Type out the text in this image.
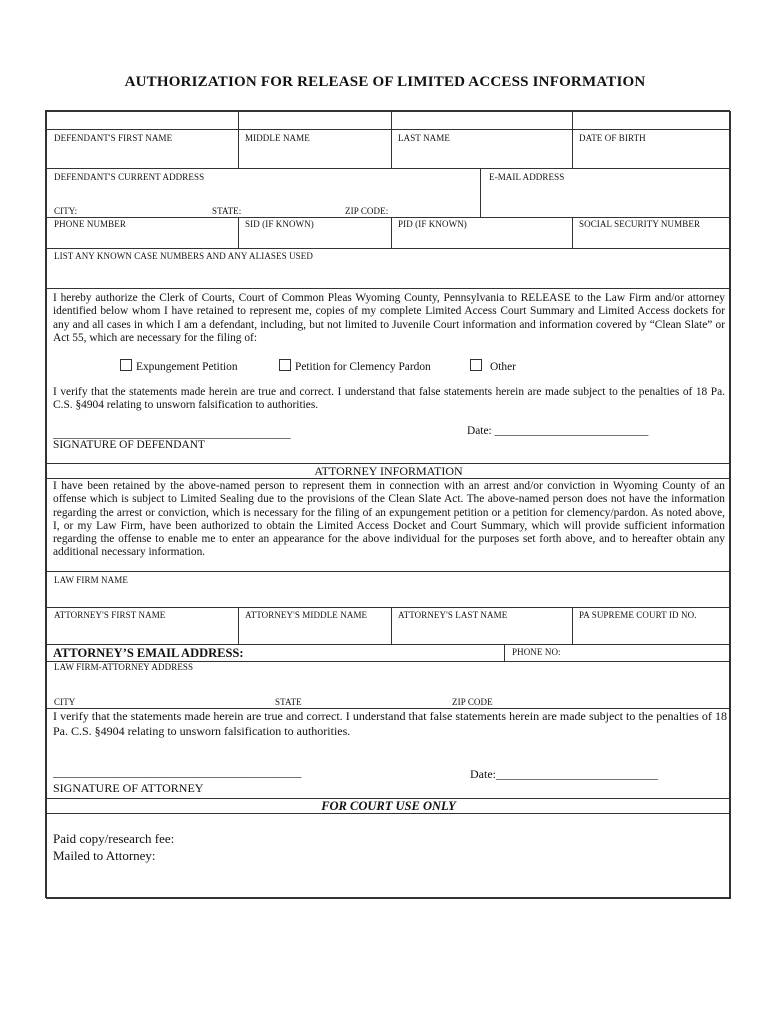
AUTHORIZATION FOR RELEASE OF LIMITED ACCESS INFORMATION
DEFENDANT'S FIRST NAME	MIDDLE NAME	LAST NAME	DATE OF BIRTH
DEFENDANT'S CURRENT ADDRESS
CITY:	STATE:	ZIP CODE:
E-MAIL ADDRESS
PHONE NUMBER	SID (IF KNOWN)	PID (IF KNOWN)	SOCIAL SECURITY NUMBER
LIST ANY KNOWN CASE NUMBERS AND ANY ALIASES USED
I hereby authorize the Clerk of Courts, Court of Common Pleas Wyoming County, Pennsylvania to RELEASE to the Law Firm and/or attorney identified below whom I have retained to represent me, copies of my complete Limited Access Court Summary and Limited Access dockets for any and all cases in which I am a defendant, including, but not limited to Juvenile Court information and information covered by “Clean Slate” or Act 55, which are necessary for the filing of:
Expungement Petition	Petition for Clemency Pardon	Other
I verify that the statements made herein are true and correct. I understand that false statements herein are made subject to the penalties of 18 Pa. C.S. §4904 relating to unsworn falsification to authorities.
____________________________________________	Date: ___________________________
SIGNATURE OF DEFENDANT
ATTORNEY INFORMATION
I have been retained by the above-named person to represent them in connection with an arrest and/or conviction in Wyoming County of an offense which is subject to Limited Sealing due to the provisions of the Clean Slate Act. The above-named person does not have the information regarding the arrest or conviction, which is necessary for the filing of an expungement petition or a petition for clemency/pardon. As noted above, I, or my Law Firm, have been authorized to obtain the Limited Access Docket and Court Summary, which will provide sufficient information regarding the offense to enable me to enter an appearance for the above individual for the purposes set forth above, and to hereafter obtain any additional necessary information.
LAW FIRM NAME
ATTORNEY'S FIRST NAME	ATTORNEY'S MIDDLE NAME	ATTORNEY'S LAST NAME	PA SUPREME COURT ID NO.
ATTORNEY’S EMAIL ADDRESS:	PHONE NO:
LAW FIRM-ATTORNEY ADDRESS
CITY	STATE	ZIP CODE
I verify that the statements made herein are true and correct. I understand that false statements herein are made subject to the penalties of 18 Pa. C.S. §4904 relating to unsworn falsification to authorities.
______________________________________________	Date:___________________________
SIGNATURE OF ATTORNEY
FOR COURT USE ONLY
Paid copy/research fee:
Mailed to Attorney:
